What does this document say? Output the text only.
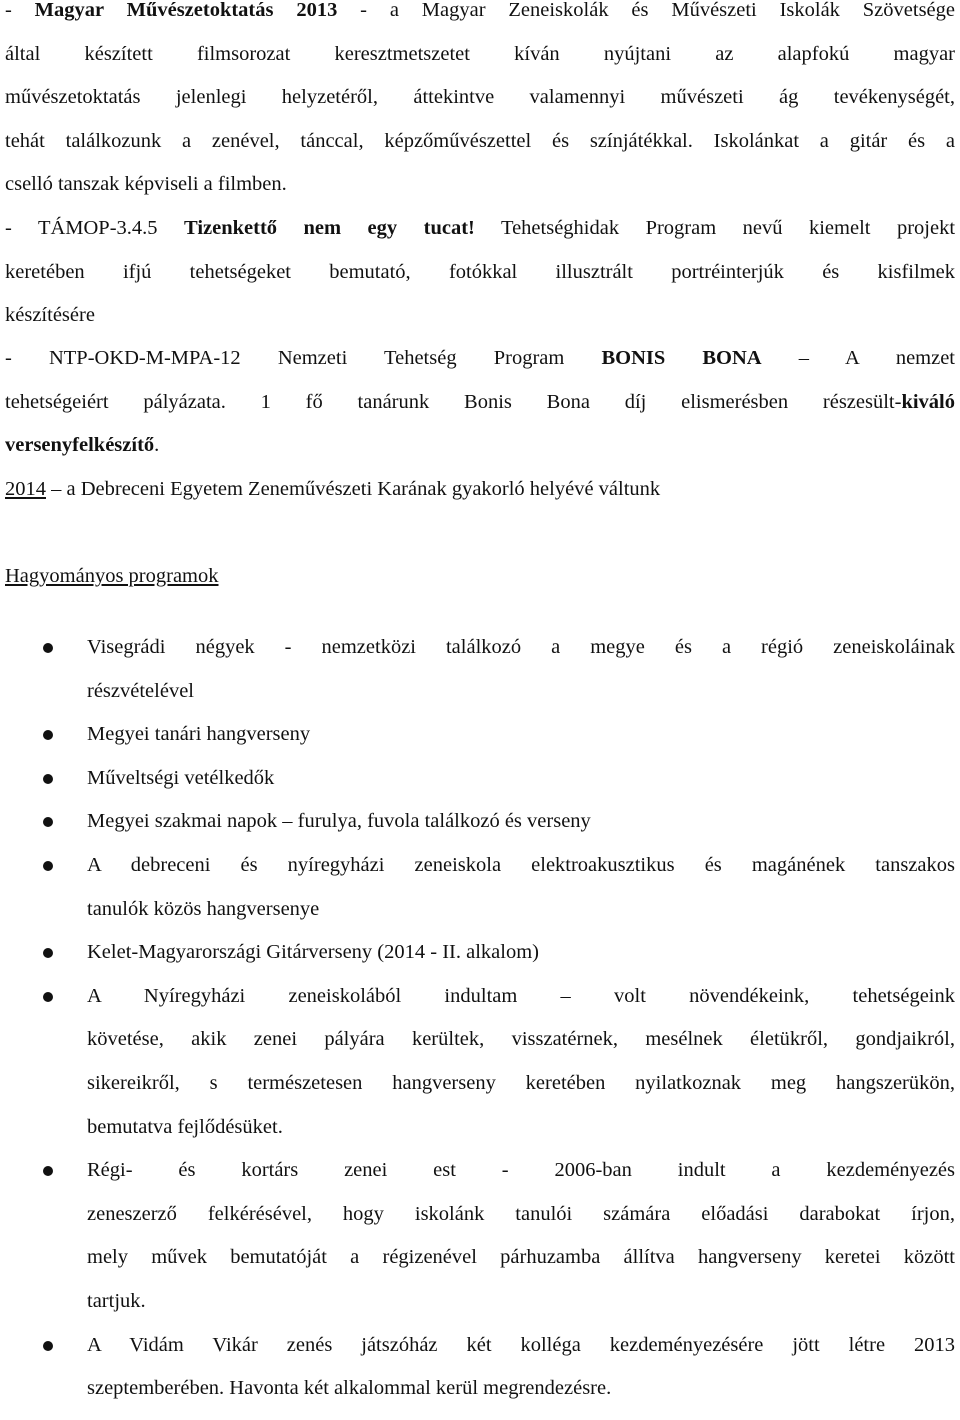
- Magyar Művészetoktatás 2013 - a Magyar Zeneiskolák és Művészeti Iskolák Szövetsége
által készített filmsorozat keresztmetszetet kíván nyújtani az alapfokú magyar
művészetoktatás jelenlegi helyzetéről, áttekintve valamennyi művészeti ág tevékenységét,
tehát találkozunk a zenével, tánccal, képzőművészettel és színjátékkal. Iskolánkat a gitár és a
cselló tanszak képviseli a filmben.
- TÁMOP-3.4.5 Tizenkettő nem egy tucat! Tehetséghidak Program nevű kiemelt projekt
keretében ifjú tehetségeket bemutató, fotókkal illusztrált portréinterjúk és kisfilmek
készítésére
- NTP-OKD-M-MPA-12 Nemzeti Tehetség Program BONIS BONA – A nemzet
tehetségeiért pályázata. 1 fő tanárunk Bonis Bona díj elismerésben részesült-kiváló
versenyfelkészítő.
2014 – a Debreceni Egyetem Zeneművészeti Karának gyakorló helyévé váltunk
Hagyományos programok
Visegrádi négyek - nemzetközi találkozó a megye és a régió zeneiskoláinak
részvételével
Megyei tanári hangverseny
Műveltségi vetélkedők
Megyei szakmai napok – furulya, fuvola találkozó és verseny
A debreceni és nyíregyházi zeneiskola elektroakusztikus és magánének tanszakos
tanulók közös hangversenye
Kelet-Magyarországi Gitárverseny (2014 - II. alkalom)
A Nyíregyházi zeneiskolából indultam – volt növendékeink, tehetségeink
követése, akik zenei pályára kerültek, visszatérnek, mesélnek életükről, gondjaikról,
sikereikről, s természetesen hangverseny keretében nyilatkoznak meg hangszerükön,
bemutatva fejlődésüket.
Régi- és kortárs zenei est - 2006-ban indult a kezdeményezés
zeneszerző felkérésével, hogy iskolánk tanulói számára előadási darabokat írjon,
mely művek bemutatóját a régizenével párhuzamba állítva hangverseny keretei között
tartjuk.
A Vidám Vikár zenés játszóház két kolléga kezdeményezésére jött létre 2013
szeptemberében. Havonta két alkalommal kerül megrendezésre.
